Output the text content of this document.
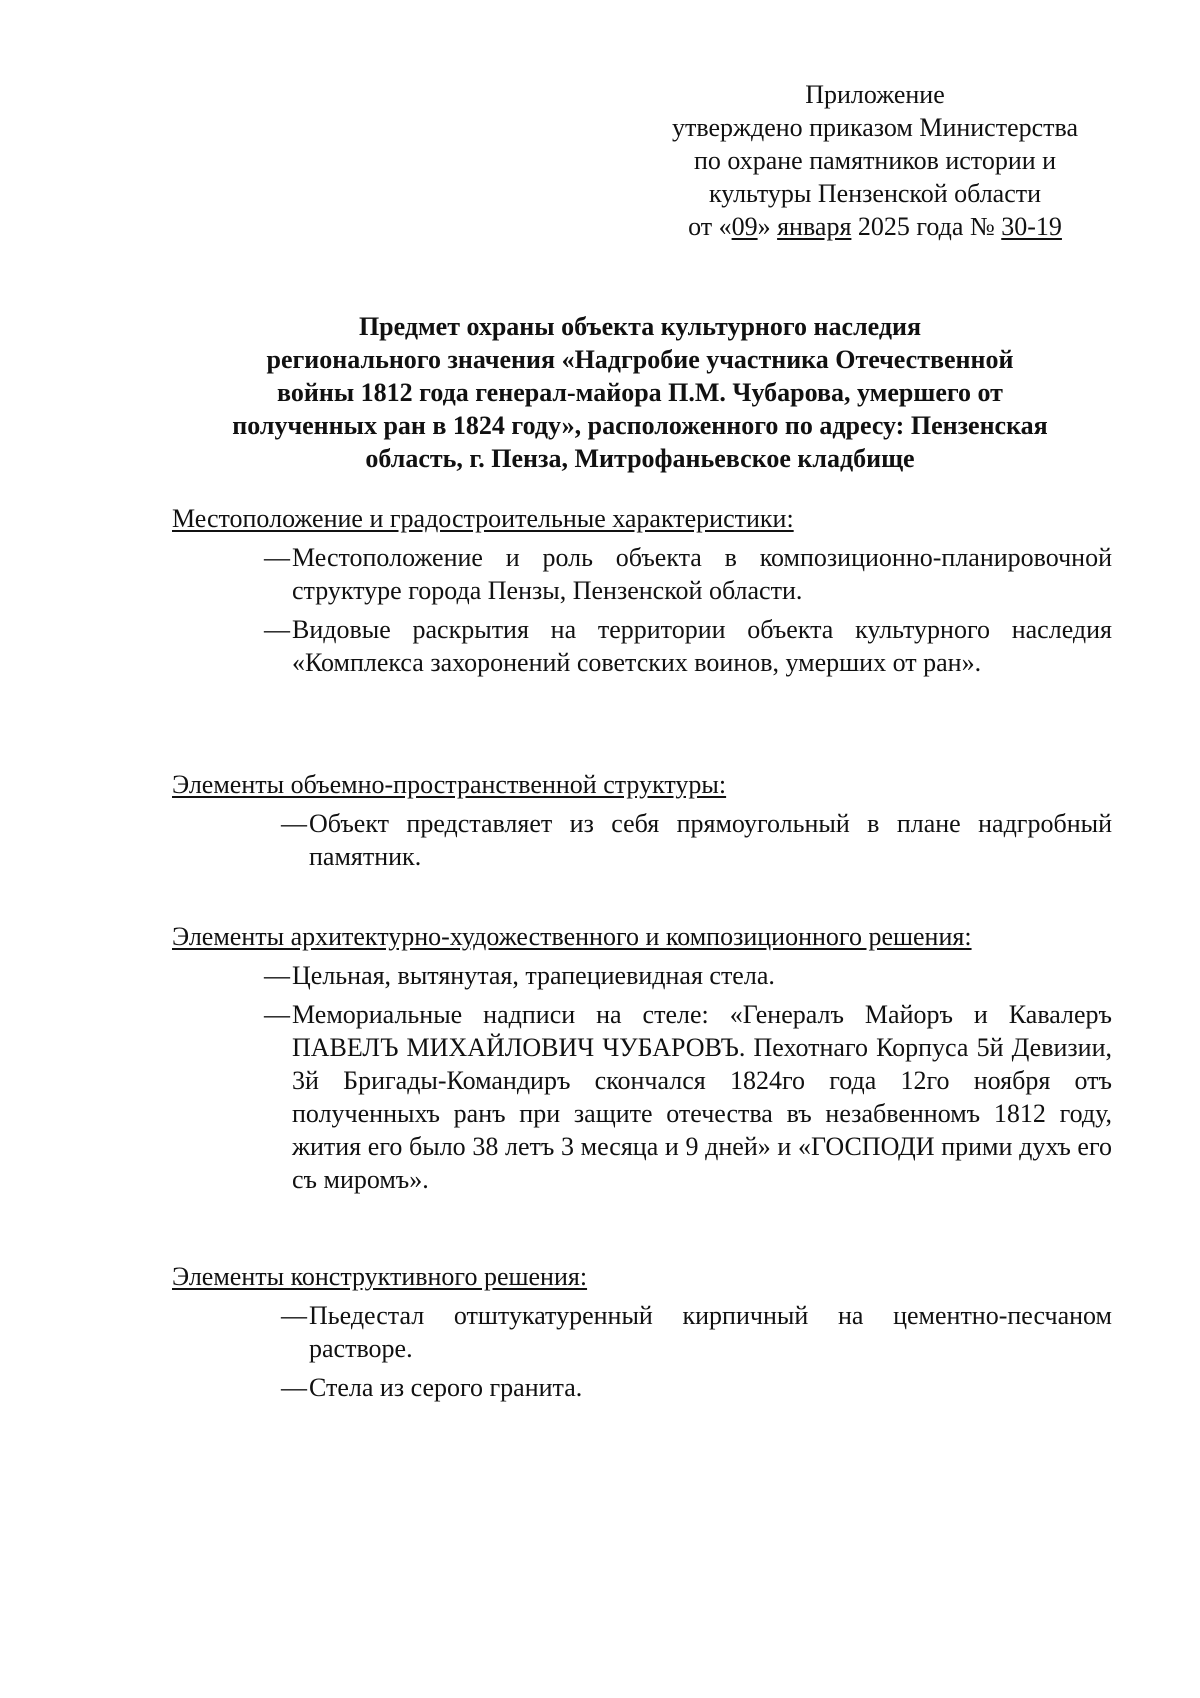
Приложение
утверждено приказом Министерства
по охране памятников истории и
культуры Пензенской области
от «09» января 2025 года № 30-19
Предмет охраны объекта культурного наследия
регионального значения «Надгробие участника Отечественной
войны 1812 года генерал-майора П.М. Чубарова, умершего от
полученных ран в 1824 году», расположенного по адресу: Пензенская
область, г. Пенза, Митрофаньевское кладбище
Местоположение и градостроительные характеристики:
— Местоположение и роль объекта в композиционно-планировочной структуре города Пензы, Пензенской области.
— Видовые раскрытия на территории объекта культурного наследия «Комплекса захоронений советских воинов, умерших от ран».
Элементы объемно-пространственной структуры:
— Объект представляет из себя прямоугольный в плане надгробный памятник.
Элементы архитектурно-художественного и композиционного решения:
— Цельная, вытянутая, трапециевидная стела.
— Мемориальные надписи на стеле: «Генералъ Майоръ и Кавалеръ ПАВЕЛЪ МИХАЙЛОВИЧ ЧУБАРОВЪ. Пехотнаго Корпуса 5й Девизии, 3й Бригады-Командиръ скончался 1824го года 12го ноября отъ полученныхъ ранъ при защите отечества въ незабвенномъ 1812 году, жития его было 38 летъ 3 месяца и 9 дней» и «ГОСПОДИ прими духъ его съ миромъ».
Элементы конструктивного решения:
— Пьедестал отштукатуренный кирпичный на цементно-песчаном растворе.
— Стела из серого гранита.
